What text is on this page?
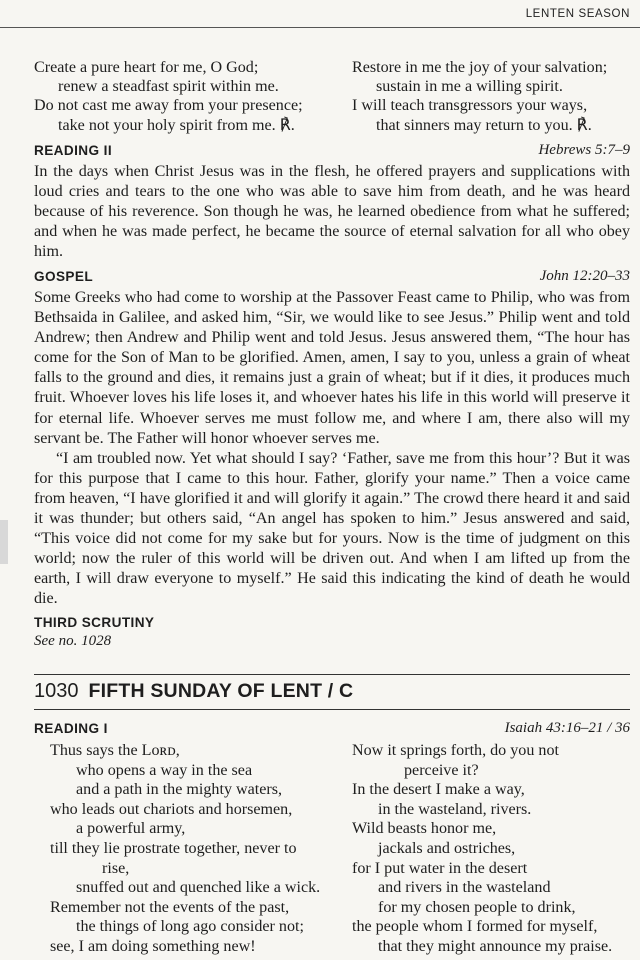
LENTEN SEASON
Create a pure heart for me, O God;
renew a steadfast spirit within me.
Do not cast me away from your presence;
take not your holy spirit from me. ℟.
Restore in me the joy of your salvation;
sustain in me a willing spirit.
I will teach transgressors your ways,
that sinners may return to you. ℟.
READING II	Hebrews 5:7–9

In the days when Christ Jesus was in the flesh, he offered prayers and supplications with loud cries and tears to the one who was able to save him from death, and he was heard because of his reverence. Son though he was, he learned obedience from what he suffered; and when he was made perfect, he became the source of eternal salvation for all who obey him.

GOSPEL	John 12:20–33

Some Greeks who had come to worship at the Passover Feast came to Philip, who was from Bethsaida in Galilee, and asked him, “Sir, we would like to see Jesus.” Philip went and told Andrew; then Andrew and Philip went and told Jesus. Jesus answered them, “The hour has come for the Son of Man to be glorified. Amen, amen, I say to you, unless a grain of wheat falls to the ground and dies, it remains just a grain of wheat; but if it dies, it produces much fruit. Whoever loves his life loses it, and whoever hates his life in this world will preserve it for eternal life. Whoever serves me must follow me, and where I am, there also will my servant be. The Father will honor whoever serves me.

“I am troubled now. Yet what should I say? ‘Father, save me from this hour’? But it was for this purpose that I came to this hour. Father, glorify your name.” Then a voice came from heaven, “I have glorified it and will glorify it again.” The crowd there heard it and said it was thunder; but others said, “An angel has spoken to him.” Jesus answered and said, “This voice did not come for my sake but for yours. Now is the time of judgment on this world; now the ruler of this world will be driven out. And when I am lifted up from the earth, I will draw everyone to myself.” He said this indicating the kind of death he would die.

THIRD SCRUTINY
See no. 1028
1030 FIFTH SUNDAY OF LENT / C
READING I	Isaiah 43:16–21 / 36
Thus says the Lᴏʀᴅ,
who opens a way in the sea
and a path in the mighty waters,
who leads out chariots and horsemen,
a powerful army,
till they lie prostrate together, never to
rise,
snuffed out and quenched like a wick.
Remember not the events of the past,
the things of long ago consider not;
see, I am doing something new!
Now it springs forth, do you not
perceive it?
In the desert I make a way,
in the wasteland, rivers.
Wild beasts honor me,
jackals and ostriches,
for I put water in the desert
and rivers in the wasteland
for my chosen people to drink,
the people whom I formed for myself,
that they might announce my praise.
